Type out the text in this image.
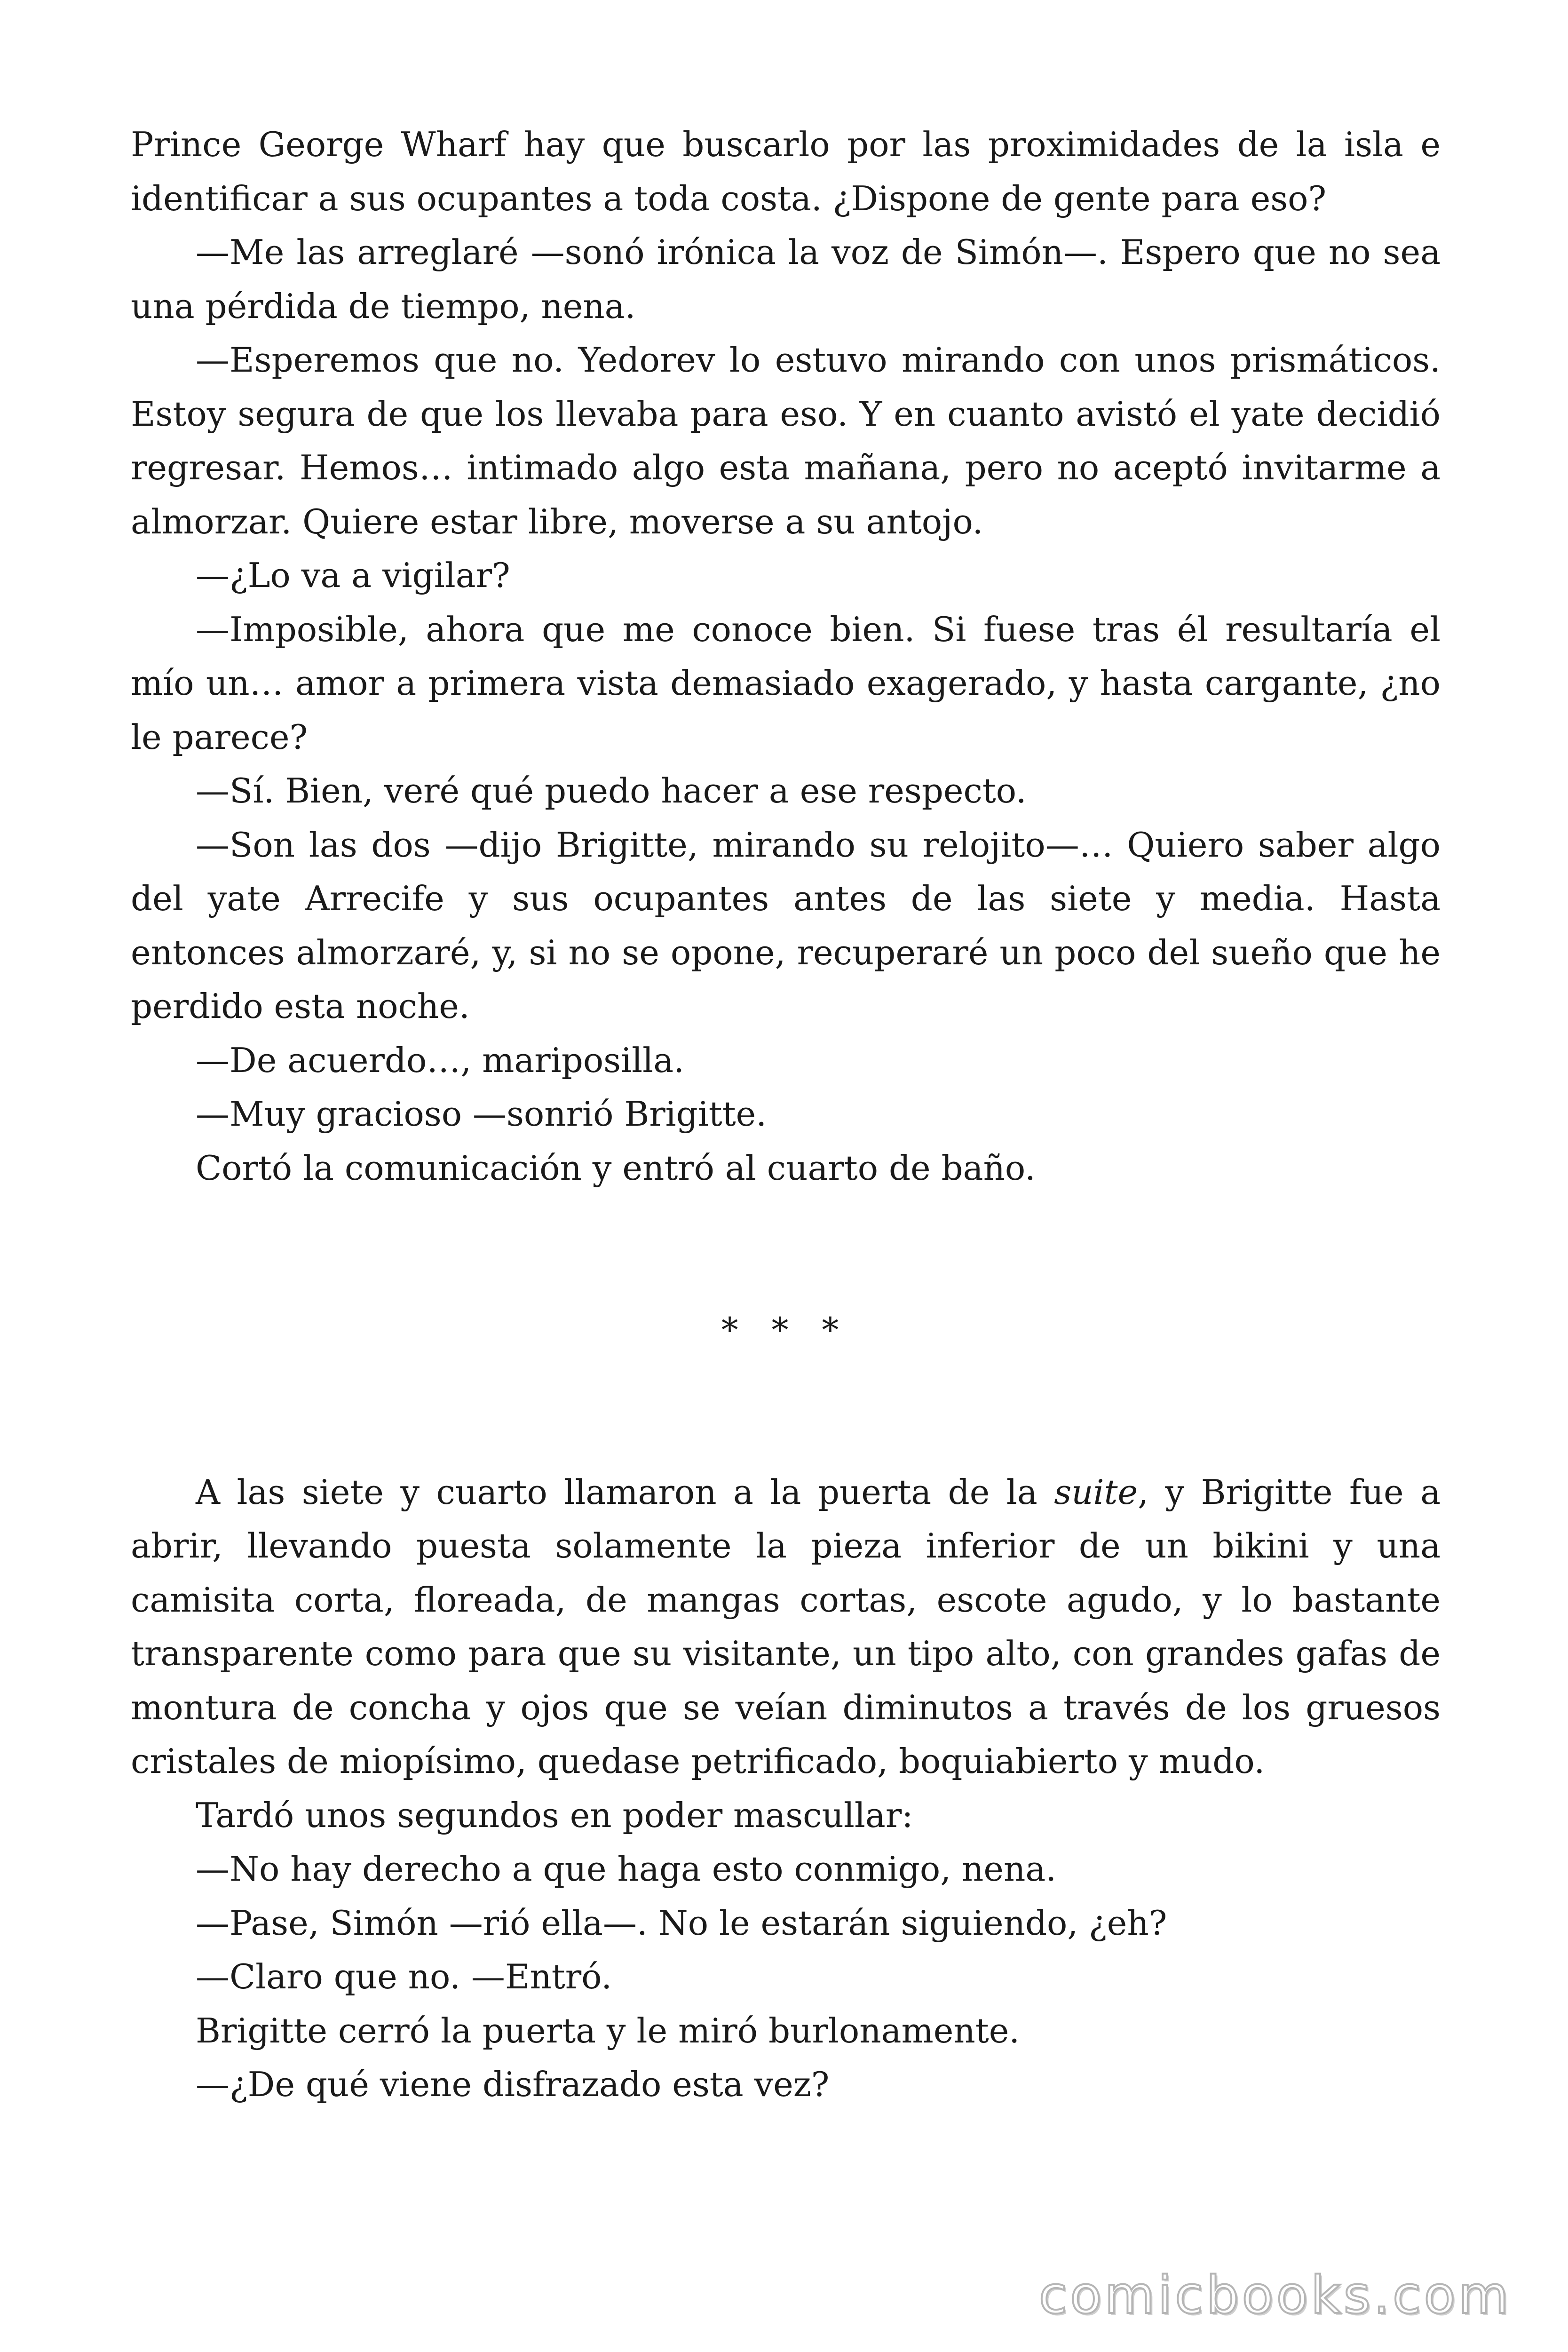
Prince George Wharf hay que buscarlo por las proximidades de la isla e identificar a sus ocupantes a toda costa. ¿Dispone de gente para eso?

—Me las arreglaré —sonó irónica la voz de Simón—. Espero que no sea una pérdida de tiempo, nena.

—Esperemos que no. Yedorev lo estuvo mirando con unos prismáticos. Estoy segura de que los llevaba para eso. Y en cuanto avistó el yate decidió regresar. Hemos… intimado algo esta mañana, pero no aceptó invitarme a almorzar. Quiere estar libre, moverse a su antojo.

—¿Lo va a vigilar?

—Imposible, ahora que me conoce bien. Si fuese tras él resultaría el mío un… amor a primera vista demasiado exagerado, y hasta cargante, ¿no le parece?

—Sí. Bien, veré qué puedo hacer a ese respecto.

—Son las dos —dijo Brigitte, mirando su relojito—… Quiero saber algo del yate Arrecife y sus ocupantes antes de las siete y media. Hasta entonces almorzaré, y, si no se opone, recuperaré un poco del sueño que he perdido esta noche.

—De acuerdo…, mariposilla.

—Muy gracioso —sonrió Brigitte.

Cortó la comunicación y entró al cuarto de baño.

* * *

A las siete y cuarto llamaron a la puerta de la suite, y Brigitte fue a abrir, llevando puesta solamente la pieza inferior de un bikini y una camisita corta, floreada, de mangas cortas, escote agudo, y lo bastante transparente como para que su visitante, un tipo alto, con grandes gafas de montura de concha y ojos que se veían diminutos a través de los gruesos cristales de miopísimo, quedase petrificado, boquiabierto y mudo.

Tardó unos segundos en poder mascullar:

—No hay derecho a que haga esto conmigo, nena.

—Pase, Simón —rió ella—. No le estarán siguiendo, ¿eh?

—Claro que no. —Entró.

Brigitte cerró la puerta y le miró burlonamente.

—¿De qué viene disfrazado esta vez?

comicbooks.com
